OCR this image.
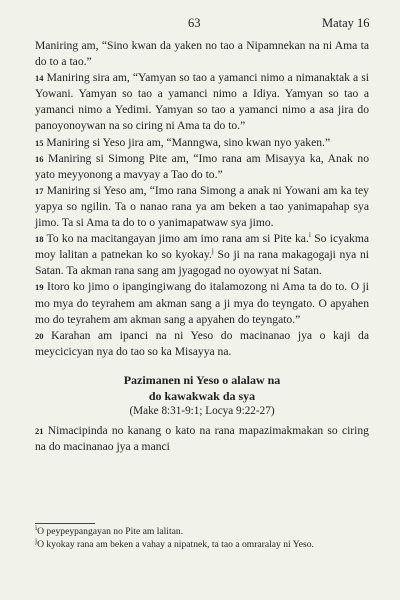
63	Matay 16

Maniring am, “Sino kwan da yaken no tao a Nipamnekan na ni Ama ta do to a tao.”

14 Maniring sira am, “Yamyan so tao a yamanci nimo a nimanaktak a si Yowani. Yamyan so tao a yamanci nimo a Idiya. Yamyan so tao a yamanci nimo a Yedimi. Yamyan so tao a yamanci nimo a asa jira do panoyonoywan na so ciring ni Ama ta do to.”

15 Maniring si Yeso jira am, “Manngwa, sino kwan nyo yaken.”

16 Maniring si Simong Pite am, “Imo rana am Misayya ka, Anak no yato meyyonong a mavyay a Tao do to.”

17 Maniring si Yeso am, “Imo rana Simong a anak ni Yowani am ka tey yapya so ngilin. Ta o nanao rana ya am beken a tao yanimapahap sya jimo. Ta si Ama ta do to o yanimapatwaw sya jimo.

18 To ko na macitangayan jimo am imo rana am si Pite ka.$^i$ So icyakma moy lalitan a patnekan ko so kyokay.$^j$ So ji na rana makagogaji nya ni Satan. Ta akman rana sang am jyagogad no oyowyat ni Satan.

19 Itoro ko jimo o ipangingiwang do italamozong ni Ama ta do to. O ji mo mya do teyrahem am akman sang a ji mya do teyngato. O apyahen mo do teyrahem am akman sang a apyahen do teyngato.”

20 Karahan am ipanci na ni Yeso do macinanao jya o kaji da meycicicyan nya do tao so ka Misayya na.

Pazimanen ni Yeso o alalaw na

do kawakwak da sya

(Make 8:31-9:1; Locya 9:22-27)

21 Nimacipinda no kanang o kato na rana mapazimakmakan so ciring na do macinanao jya a manci

$^i$O peypeypangayan no Pite am lalitan.

$^j$O kyokay rana am beken a vahay a nipatnek, ta tao a omraralay ni Yeso.
